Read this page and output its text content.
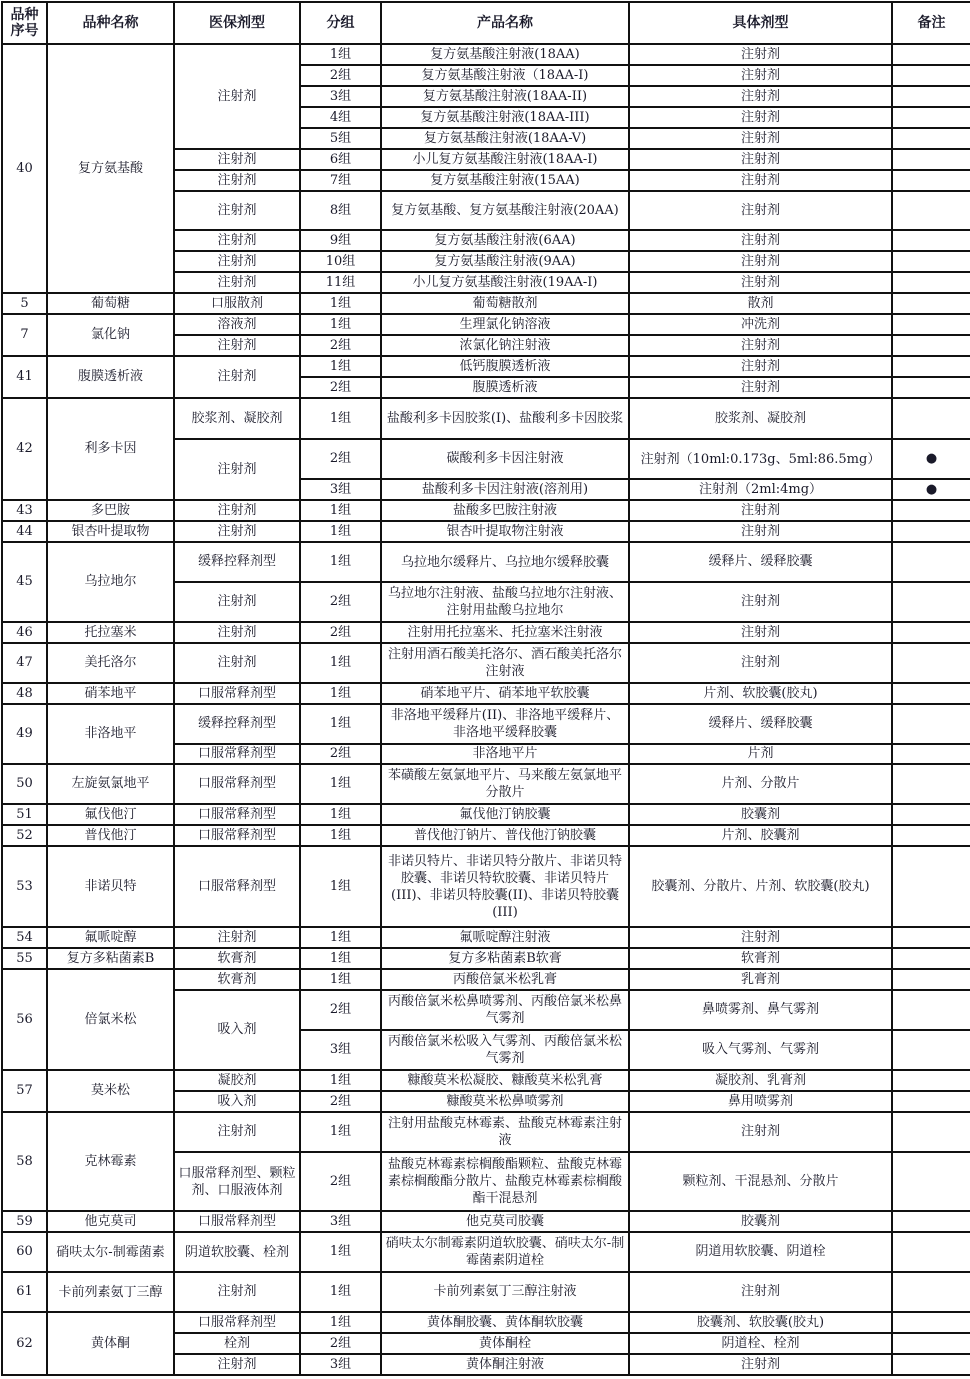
品种序号	品种名称	医保剂型	分组	产品名称	具体剂型	备注
40	复方氨基酸	注射剂	1组	复方氨基酸注射液(18AA)	注射剂	
			2组	复方氨基酸注射液（18AA-I)	注射剂	
			3组	复方氨基酸注射液(18AA-II)	注射剂	
			4组	复方氨基酸注射液(18AA-III)	注射剂	
			5组	复方氨基酸注射液(18AA-V)	注射剂	
		注射剂	6组	小儿复方氨基酸注射液(18AA-I)	注射剂	
		注射剂	7组	复方氨基酸注射液(15AA)	注射剂	
		注射剂	8组	复方氨基酸、复方氨基酸注射液(20AA)	注射剂	
		注射剂	9组	复方氨基酸注射液(6AA)	注射剂	
		注射剂	10组	复方氨基酸注射液(9AA)	注射剂	
		注射剂	11组	小儿复方氨基酸注射液(19AA-I)	注射剂	
5	葡萄糖	口服散剂	1组	葡萄糖散剂	散剂	
7	氯化钠	溶液剂	1组	生理氯化钠溶液	冲洗剂	
		注射剂	2组	浓氯化钠注射液	注射剂	
41	腹膜透析液	注射剂	1组	低钙腹膜透析液	注射剂	
			2组	腹膜透析液	注射剂	
42	利多卡因	胶浆剂、凝胶剂	1组	盐酸利多卡因胶浆(I)、盐酸利多卡因胶浆	胶浆剂、凝胶剂	
		注射剂	2组	碳酸利多卡因注射液	注射剂（10ml:0.173g、5ml:86.5mg）	●
			3组	盐酸利多卡因注射液(溶剂用)	注射剂（2ml:4mg）	●
43	多巴胺	注射剂	1组	盐酸多巴胺注射液	注射剂	
44	银杏叶提取物	注射剂	1组	银杏叶提取物注射液	注射剂	
45	乌拉地尔	缓释控释剂型	1组	乌拉地尔缓释片、乌拉地尔缓释胶囊	缓释片、缓释胶囊	
		注射剂	2组	乌拉地尔注射液、盐酸乌拉地尔注射液、注射用盐酸乌拉地尔	注射剂	
46	托拉塞米	注射剂	2组	注射用托拉塞米、托拉塞米注射液	注射剂	
47	美托洛尔	注射剂	1组	注射用酒石酸美托洛尔、酒石酸美托洛尔注射液	注射剂	
48	硝苯地平	口服常释剂型	1组	硝苯地平片、硝苯地平软胶囊	片剂、软胶囊(胶丸)	
49	非洛地平	缓释控释剂型	1组	非洛地平缓释片(II)、非洛地平缓释片、非洛地平缓释胶囊	缓释片、缓释胶囊	
		口服常释剂型	2组	非洛地平片	片剂	
50	左旋氨氯地平	口服常释剂型	1组	苯磺酸左氨氯地平片、马来酸左氨氯地平分散片	片剂、分散片	
51	氟伐他汀	口服常释剂型	1组	氟伐他汀钠胶囊	胶囊剂	
52	普伐他汀	口服常释剂型	1组	普伐他汀钠片、普伐他汀钠胶囊	片剂、胶囊剂	
53	非诺贝特	口服常释剂型	1组	非诺贝特片、非诺贝特分散片、非诺贝特胶囊、非诺贝特软胶囊、非诺贝特片(III)、非诺贝特胶囊(II)、非诺贝特胶囊(III)	胶囊剂、分散片、片剂、软胶囊(胶丸)	
54	氟哌啶醇	注射剂	1组	氟哌啶醇注射液	注射剂	
55	复方多粘菌素B	软膏剂	1组	复方多粘菌素B软膏	软膏剂	
56	倍氯米松	软膏剂	1组	丙酸倍氯米松乳膏	乳膏剂	
		吸入剂	2组	丙酸倍氯米松鼻喷雾剂、丙酸倍氯米松鼻气雾剂	鼻喷雾剂、鼻气雾剂	
			3组	丙酸倍氯米松吸入气雾剂、丙酸倍氯米松气雾剂	吸入气雾剂、气雾剂	
57	莫米松	凝胶剂	1组	糠酸莫米松凝胶、糠酸莫米松乳膏	凝胶剂、乳膏剂	
		吸入剂	2组	糠酸莫米松鼻喷雾剂	鼻用喷雾剂	
58	克林霉素	注射剂	1组	注射用盐酸克林霉素、盐酸克林霉素注射液	注射剂	
		口服常释剂型、颗粒剂、口服液体剂	2组	盐酸克林霉素棕榈酸酯颗粒、盐酸克林霉素棕榈酸酯分散片、盐酸克林霉素棕榈酸酯干混悬剂	颗粒剂、干混悬剂、分散片	
59	他克莫司	口服常释剂型	3组	他克莫司胶囊	胶囊剂	
60	硝呋太尔-制霉菌素	阴道软胶囊、栓剂	1组	硝呋太尔制霉素阴道软胶囊、硝呋太尔-制霉菌素阴道栓	阴道用软胶囊、阴道栓	
61	卡前列素氨丁三醇	注射剂	1组	卡前列素氨丁三醇注射液	注射剂	
62	黄体酮	口服常释剂型	1组	黄体酮胶囊、黄体酮软胶囊	胶囊剂、软胶囊(胶丸)	
		栓剂	2组	黄体酮栓	阴道栓、栓剂	
		注射剂	3组	黄体酮注射液	注射剂	
